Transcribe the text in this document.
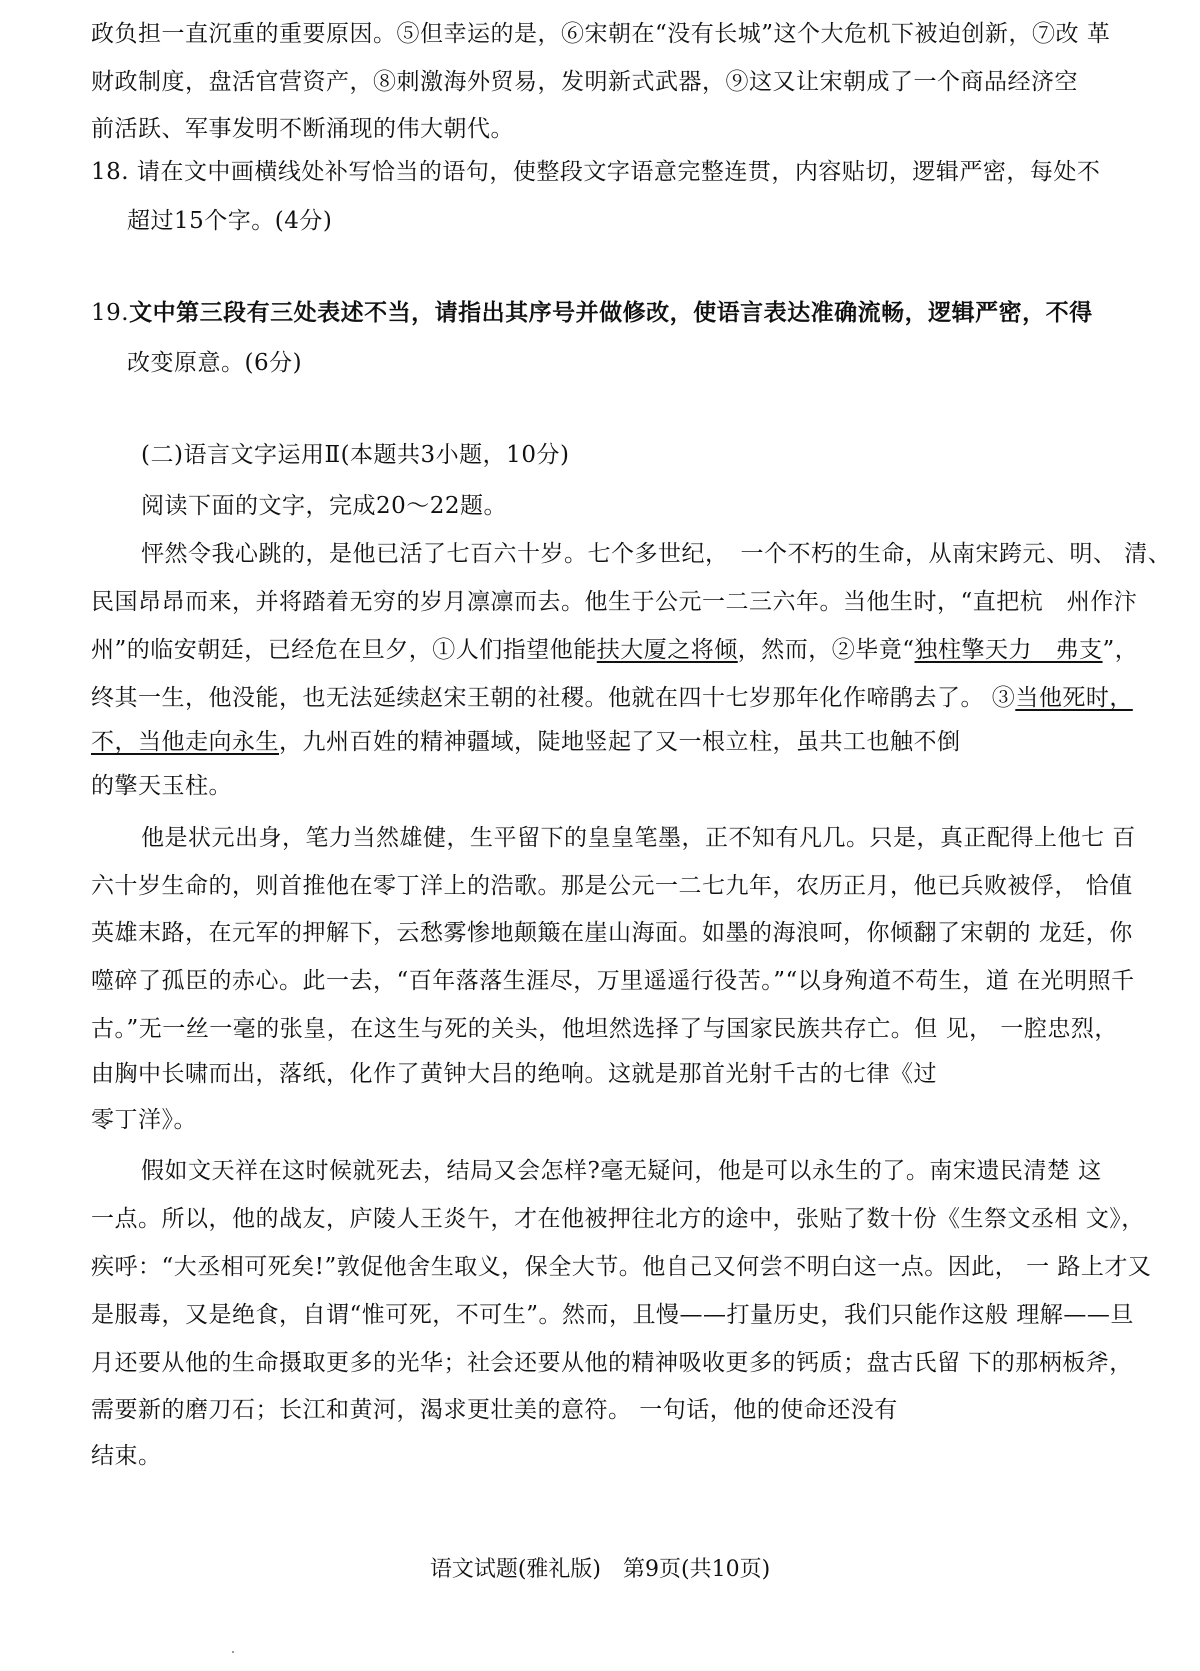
政负担一直沉重的重要原因。⑤但幸运的是，⑥宋朝在“没有长城”这个大危机下被迫创新，⑦改 革
财政制度，盘活官营资产，⑧刺激海外贸易，发明新式武器，⑨这又让宋朝成了一个商品经济空
前活跃、军事发明不断涌现的伟大朝代。
18. 请在文中画横线处补写恰当的语句，使整段文字语意完整连贯，内容贴切，逻辑严密，每处不
超过15个字。(4分)
19.文中第三段有三处表述不当，请指出其序号并做修改，使语言表达准确流畅，逻辑严密，不得
改变原意。(6分)
(二)语言文字运用Ⅱ(本题共3小题，10分)
阅读下面的文字，完成20～22题。
怦然令我心跳的，是他已活了七百六十岁。七个多世纪，　一个不朽的生命，从南宋跨元、明、 清、
民国昂昂而来，并将踏着无穷的岁月凛凛而去。他生于公元一二三六年。当他生时，“直把杭　州作汴
州”的临安朝廷，已经危在旦夕，①人们指望他能扶大厦之将倾，然而，②毕竟“独柱擎天力　弗支”，
终其一生，他没能，也无法延续赵宋王朝的社稷。他就在四十七岁那年化作啼鹃去了。 ③当他死时，
不，当他走向永生，九州百姓的精神疆域，陡地竖起了又一根立柱，虽共工也触不倒
的擎天玉柱。
他是状元出身，笔力当然雄健，生平留下的皇皇笔墨，正不知有凡几。只是，真正配得上他七 百
六十岁生命的，则首推他在零丁洋上的浩歌。那是公元一二七九年，农历正月，他已兵败被俘， 恰值
英雄末路，在元军的押解下，云愁雾惨地颠簸在崖山海面。如墨的海浪呵，你倾翻了宋朝的 龙廷，你
噬碎了孤臣的赤心。此一去，“百年落落生涯尽，万里遥遥行役苦。”“以身殉道不苟生，道 在光明照千
古。”无一丝一毫的张皇，在这生与死的关头，他坦然选择了与国家民族共存亡。但 见， 一腔忠烈，
由胸中长啸而出，落纸，化作了黄钟大吕的绝响。这就是那首光射千古的七律《过
零丁洋》。
假如文天祥在这时候就死去，结局又会怎样?毫无疑问，他是可以永生的了。南宋遗民清楚 这
一点。所以，他的战友，庐陵人王炎午，才在他被押往北方的途中，张贴了数十份《生祭文丞相 文》，
疾呼：“大丞相可死矣!”敦促他舍生取义，保全大节。他自己又何尝不明白这一点。因此， 一 路上才又
是服毒，又是绝食，自谓“惟可死，不可生”。然而，且慢——打量历史，我们只能作这般 理解——旦
月还要从他的生命摄取更多的光华；社会还要从他的精神吸收更多的钙质；盘古氏留 下的那柄板斧，
需要新的磨刀石；长江和黄河，渴求更壮美的意符。 一句话，他的使命还没有
结束。
语文试题(雅礼版)　第9页(共10页)
